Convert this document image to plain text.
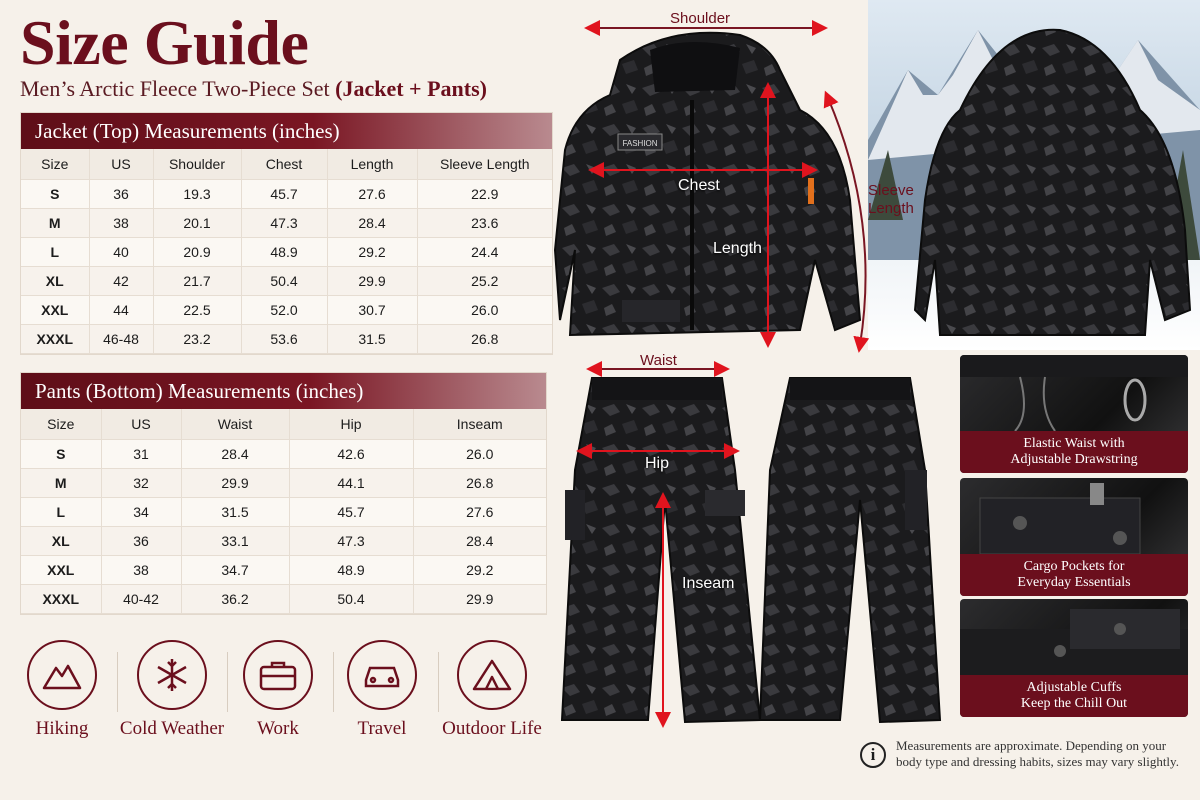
Size Guide
Men’s Arctic Fleece Two-Piece Set (Jacket + Pants)
Jacket (Top) Measurements (inches)
Size	US	Shoulder	Chest	Length	Sleeve Length
S	36	19.3	45.7	27.6	22.9
M	38	20.1	47.3	28.4	23.6
L	40	20.9	48.9	29.2	24.4
XL	42	21.7	50.4	29.9	25.2
XXL	44	22.5	52.0	30.7	26.0
XXXL	46-48	23.2	53.6	31.5	26.8
Pants (Bottom) Measurements (inches)
Size	US	Waist	Hip	Inseam
S	31	28.4	42.6	26.0
M	32	29.9	44.1	26.8
L	34	31.5	45.7	27.6
XL	36	33.1	47.3	28.4
XXL	38	34.7	48.9	29.2
XXXL	40-42	36.2	50.4	29.9
FASHION
Shoulder
Chest
Length
Sleeve
Length
Waist
Hip
Inseam
Elastic Waist with
Adjustable Drawstring
Cargo Pockets for
Everyday Essentials
Adjustable Cuffs
Keep the Chill Out
Hiking	Cold Weather	Work	Travel	Outdoor Life
i	Measurements are approximate. Depending on your body type and dressing habits, sizes may vary slightly.
